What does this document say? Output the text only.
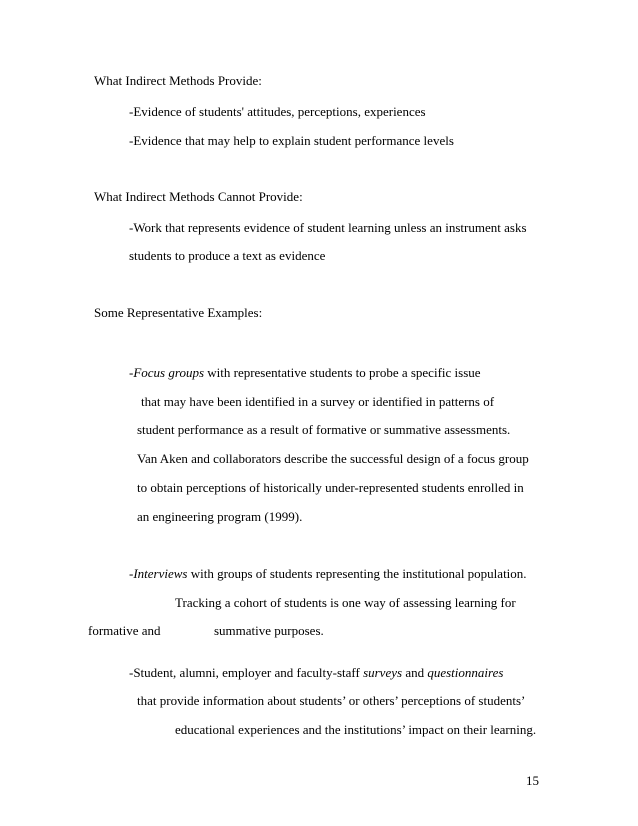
What Indirect Methods Provide:
-Evidence of students' attitudes, perceptions, experiences
-Evidence that may help to explain student performance levels
What Indirect Methods Cannot Provide:
-Work that represents evidence of student learning unless an instrument asks
students to produce a text as evidence
Some Representative Examples:
-Focus groups with representative students to probe a specific issue
that may have been identified in a survey or identified in patterns of
student performance as a result of formative or summative assessments.
Van Aken and collaborators describe the successful design of a focus group
to obtain perceptions of historically under-represented students enrolled in
an engineering program (1999).
-Interviews with groups of students representing the institutional population.
Tracking a cohort of students is one way of assessing learning for
formative and	summative purposes.
-Student, alumni, employer and faculty-staff surveys and questionnaires
that provide information about students’ or others’ perceptions of students’
educational experiences and the institutions’ impact on their learning.
15
